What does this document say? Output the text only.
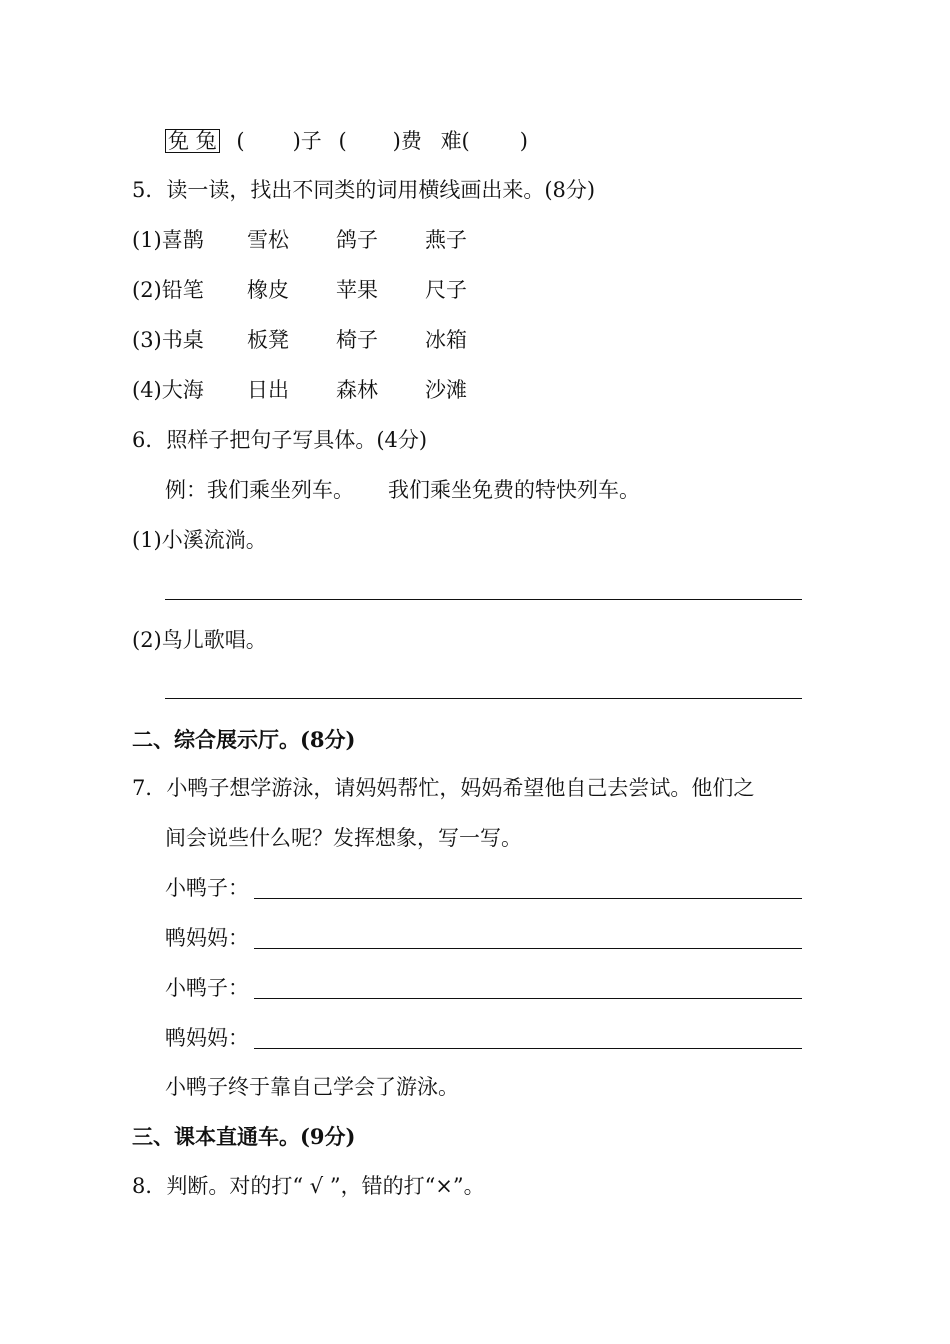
免 兔 ( )子 ( )费 难( )
5．读一读，找出不同类的词用横线画出来。(8分)
(1)喜鹊 雪松 鸽子 燕子
(2)铅笔 橡皮 苹果 尺子
(3)书桌 板凳 椅子 冰箱
(4)大海 日出 森林 沙滩
6．照样子把句子写具体。(4分)
例：我们乘坐列车。 我们乘坐免费的特快列车。
(1)小溪流淌。
(2)鸟儿歌唱。
二、综合展示厅。(8分)
7．小鸭子想学游泳，请妈妈帮忙，妈妈希望他自己去尝试。他们之
间会说些什么呢？发挥想象，写一写。
小鸭子：
鸭妈妈：
小鸭子：
鸭妈妈：
小鸭子终于靠自己学会了游泳。
三、课本直通车。(9分)
8．判断。对的打“ √ ”，错的打“×”。
